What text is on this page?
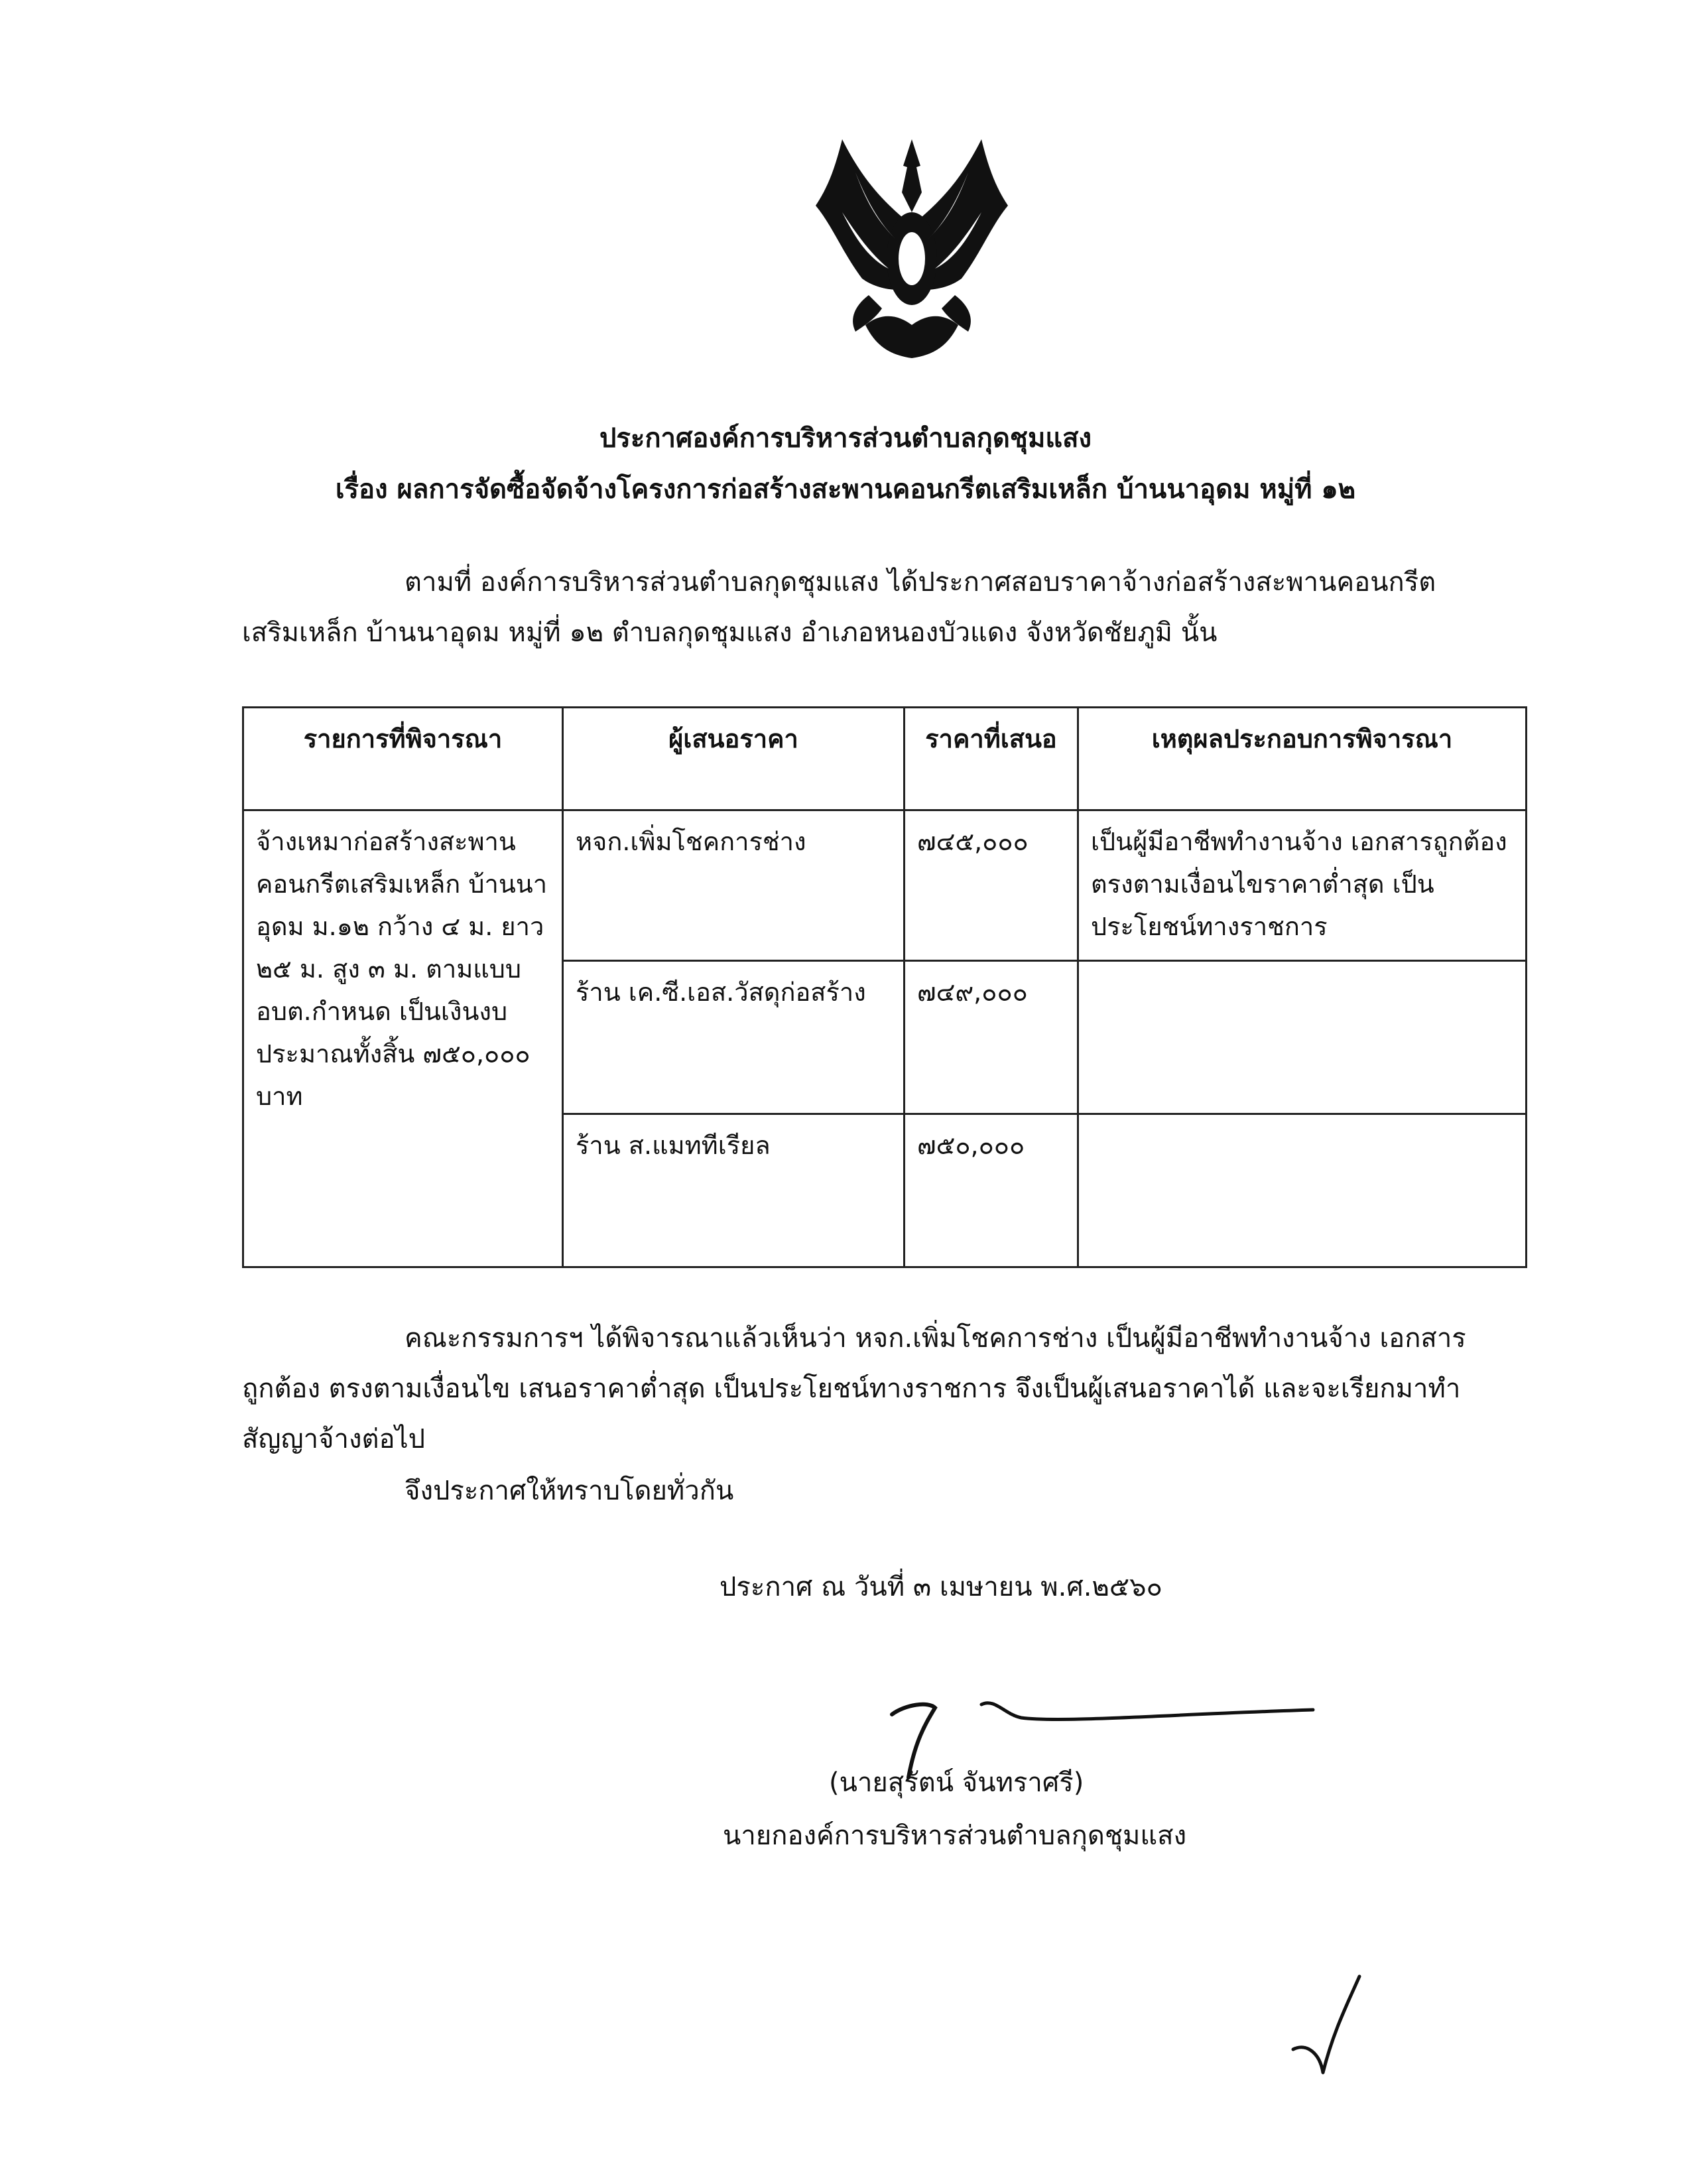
ประกาศองค์การบริหารส่วนตำบลกุดชุมแสง
เรื่อง ผลการจัดซื้อจัดจ้างโครงการก่อสร้างสะพานคอนกรีตเสริมเหล็ก บ้านนาอุดม หมู่ที่ ๑๒
ตามที่ องค์การบริหารส่วนตำบลกุดชุมแสง ได้ประกาศสอบราคาจ้างก่อสร้างสะพานคอนกรีต
เสริมเหล็ก บ้านนาอุดม หมู่ที่ ๑๒ ตำบลกุดชุมแสง อำเภอหนองบัวแดง จังหวัดชัยภูมิ นั้น
รายการที่พิจารณา	ผู้เสนอราคา	ราคาที่เสนอ	เหตุผลประกอบการพิจารณา
จ้างเหมาก่อสร้างสะพานคอนกรีตเสริมเหล็ก บ้านนาอุดม ม.๑๒ กว้าง ๔ ม. ยาว ๒๕ ม. สูง ๓ ม. ตามแบบ อบต.กำหนด เป็นเงินงบประมาณทั้งสิ้น ๗๕๐,๐๐๐ บาท	หจก.เพิ่มโชคการช่าง	๗๔๕,๐๐๐	เป็นผู้มีอาชีพทำงานจ้าง เอกสารถูกต้อง ตรงตามเงื่อนไขราคาต่ำสุด เป็นประโยชน์ทางราชการ
	ร้าน เค.ซี.เอส.วัสดุก่อสร้าง	๗๔๙,๐๐๐	
	ร้าน ส.แมททีเรียล	๗๕๐,๐๐๐	
คณะกรรมการฯ ได้พิจารณาแล้วเห็นว่า หจก.เพิ่มโชคการช่าง เป็นผู้มีอาชีพทำงานจ้าง เอกสาร
ถูกต้อง ตรงตามเงื่อนไข เสนอราคาต่ำสุด เป็นประโยชน์ทางราชการ จึงเป็นผู้เสนอราคาได้ และจะเรียกมาทำ
สัญญาจ้างต่อไป
จึงประกาศให้ทราบโดยทั่วกัน
ประกาศ ณ วันที่ ๓ เมษายน พ.ศ.๒๕๖๐
(นายสุรัตน์ จันทราศรี)
นายกองค์การบริหารส่วนตำบลกุดชุมแสง
